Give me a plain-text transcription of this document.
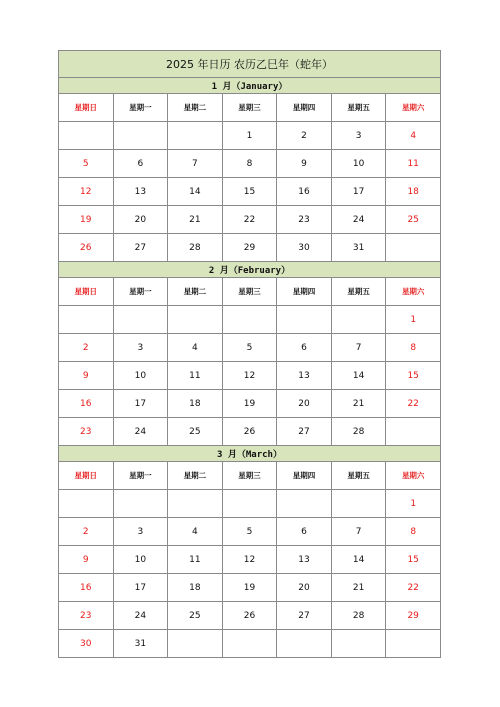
2025 年日历 农历乙巳年（蛇年）						
1 月（January）						
星期日	星期一	星期二	星期三	星期四	星期五	星期六
			1	2	3	4
5	6	7	8	9	10	11
12	13	14	15	16	17	18
19	20	21	22	23	24	25
26	27	28	29	30	31	
2 月（February）						
星期日	星期一	星期二	星期三	星期四	星期五	星期六
						1
2	3	4	5	6	7	8
9	10	11	12	13	14	15
16	17	18	19	20	21	22
23	24	25	26	27	28	
3 月（March）						
星期日	星期一	星期二	星期三	星期四	星期五	星期六
						1
2	3	4	5	6	7	8
9	10	11	12	13	14	15
16	17	18	19	20	21	22
23	24	25	26	27	28	29
30	31					
